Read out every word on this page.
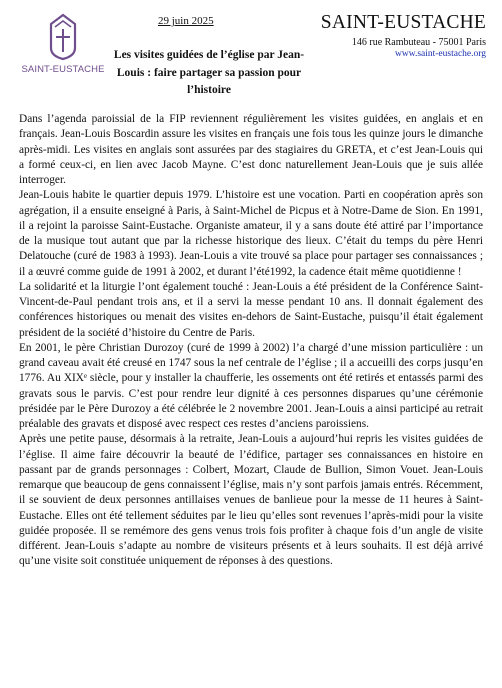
SAINT-EUSTACHE
29 juin 2025
Les visites guidées de l’église par Jean-Louis : faire partager sa passion pour l’histoire
SAINT-EUSTACHE
146 rue Rambuteau - 75001 Paris
www.saint-eustache.org

Dans l’agenda paroissial de la FIP reviennent régulièrement les visites guidées, en anglais et en français. Jean-Louis Boscardin assure les visites en français une fois tous les quinze jours le dimanche après-midi. Les visites en anglais sont assurées par des stagiaires du GRETA, et c’est Jean-Louis qui a formé ceux-ci, en lien avec Jacob Mayne. C’est donc naturellement Jean-Louis que je suis allée interroger.

Jean-Louis habite le quartier depuis 1979. L’histoire est une vocation. Parti en coopération après son agrégation, il a ensuite enseigné à Paris, à Saint-Michel de Picpus et à Notre-Dame de Sion. En 1991, il a rejoint la paroisse Saint-Eustache. Organiste amateur, il y a sans doute été attiré par l’importance de la musique tout autant que par la richesse historique des lieux. C’était du temps du père Henri Delatouche (curé de 1983 à 1993). Jean-Louis a vite trouvé sa place pour partager ses connaissances ; il a œuvré comme guide de 1991 à 2002, et durant l’été1992, la cadence était même quotidienne !

La solidarité et la liturgie l’ont également touché : Jean-Louis a été président de la Conférence Saint-Vincent-de-Paul pendant trois ans, et il a servi la messe pendant 10 ans. Il donnait également des conférences historiques ou menait des visites en-dehors de Saint-Eustache, puisqu’il était également président de la société d’histoire du Centre de Paris.

En 2001, le père Christian Durozoy (curé de 1999 à 2002) l’a chargé d’une mission particulière : un grand caveau avait été creusé en 1747 sous la nef centrale de l’église ; il a accueilli des corps jusqu’en 1776. Au XIXᵉ siècle, pour y installer la chaufferie, les ossements ont été retirés et entassés parmi des gravats sous le parvis. C’est pour rendre leur dignité à ces personnes disparues qu’une cérémonie présidée par le Père Durozoy a été célébrée le 2 novembre 2001. Jean-Louis a ainsi participé au retrait préalable des gravats et disposé avec respect ces restes d’anciens paroissiens.

Après une petite pause, désormais à la retraite, Jean-Louis a aujourd’hui repris les visites guidées de l’église. Il aime faire découvrir la beauté de l’édifice, partager ses connaissances en histoire en passant par de grands personnages : Colbert, Mozart, Claude de Bullion, Simon Vouet. Jean-Louis remarque que beaucoup de gens connaissent l’église, mais n’y sont parfois jamais entrés. Récemment, il se souvient de deux personnes antillaises venues de banlieue pour la messe de 11 heures à Saint-Eustache. Elles ont été tellement séduites par le lieu qu’elles sont revenues l’après-midi pour la visite guidée proposée. Il se remémore des gens venus trois fois profiter à chaque fois d’un angle de visite différent. Jean-Louis s’adapte au nombre de visiteurs présents et à leurs souhaits. Il est déjà arrivé qu’une visite soit constituée uniquement de réponses à des questions.
